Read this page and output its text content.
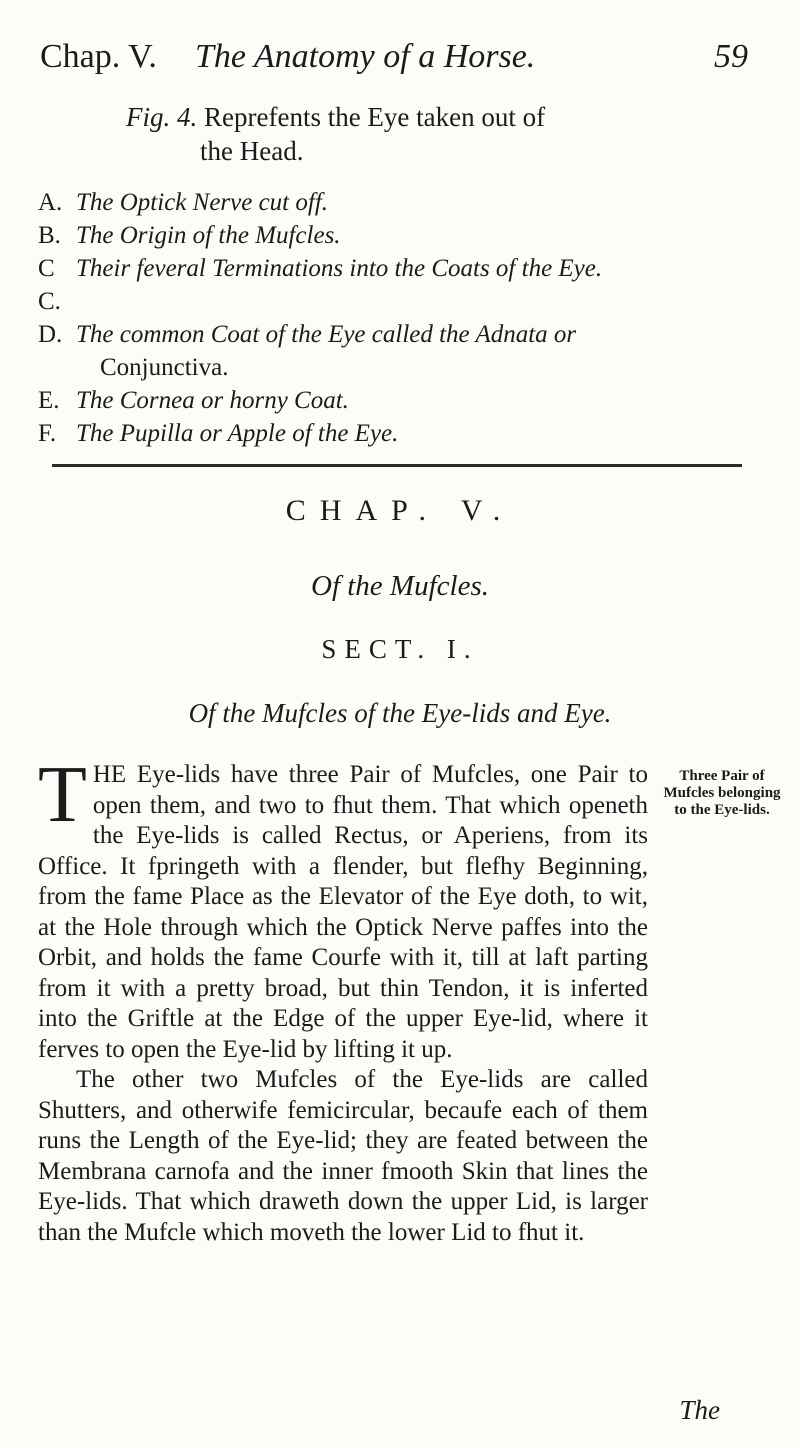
Chap. V. The Anatomy of a Horse.	59
Fig. 4. Reprefents the Eye taken out of
the Head.
A. The Optick Nerve cut off.
B. The Origin of the Mufcles.
C C.
Their feveral Terminations into the Coats of the Eye.
D. The common Coat of the Eye called the Adnata or
Conjunctiva.
E. The Cornea or horny Coat.
F. The Pupilla or Apple of the Eye.
CHAP. V.
Of the Mufcles.
SECT. I.
Of the Mufcles of the Eye-lids and Eye.

T HE Eye-lids have three Pair of Mufcles, one Pair to open them, and two to fhut them. That which openeth the Eye-lids is called Rectus, or Aperiens, from its Office. It fpringeth with a flender, but flefhy Beginning, from the fame Place as the Elevator of the Eye doth, to wit, at the Hole through which the Optick Nerve paffes into the Orbit, and holds the fame Courfe with it, till at laft parting from it with a pretty broad, but thin Tendon, it is inferted into the Griftle at the Edge of the upper Eye-lid, where it ferves to open the Eye-lid by lifting it up.

The other two Mufcles of the Eye-lids are called Shutters, and otherwife femicircular, becaufe each of them runs the Length of the Eye-lid; they are feated between the Membrana carnofa and the inner fmooth Skin that lines the Eye-lids. That which draweth down the upper Lid, is larger than the Mufcle which moveth the lower Lid to fhut it.

Three Pair of Mufcles belonging to the Eye-lids.
The
